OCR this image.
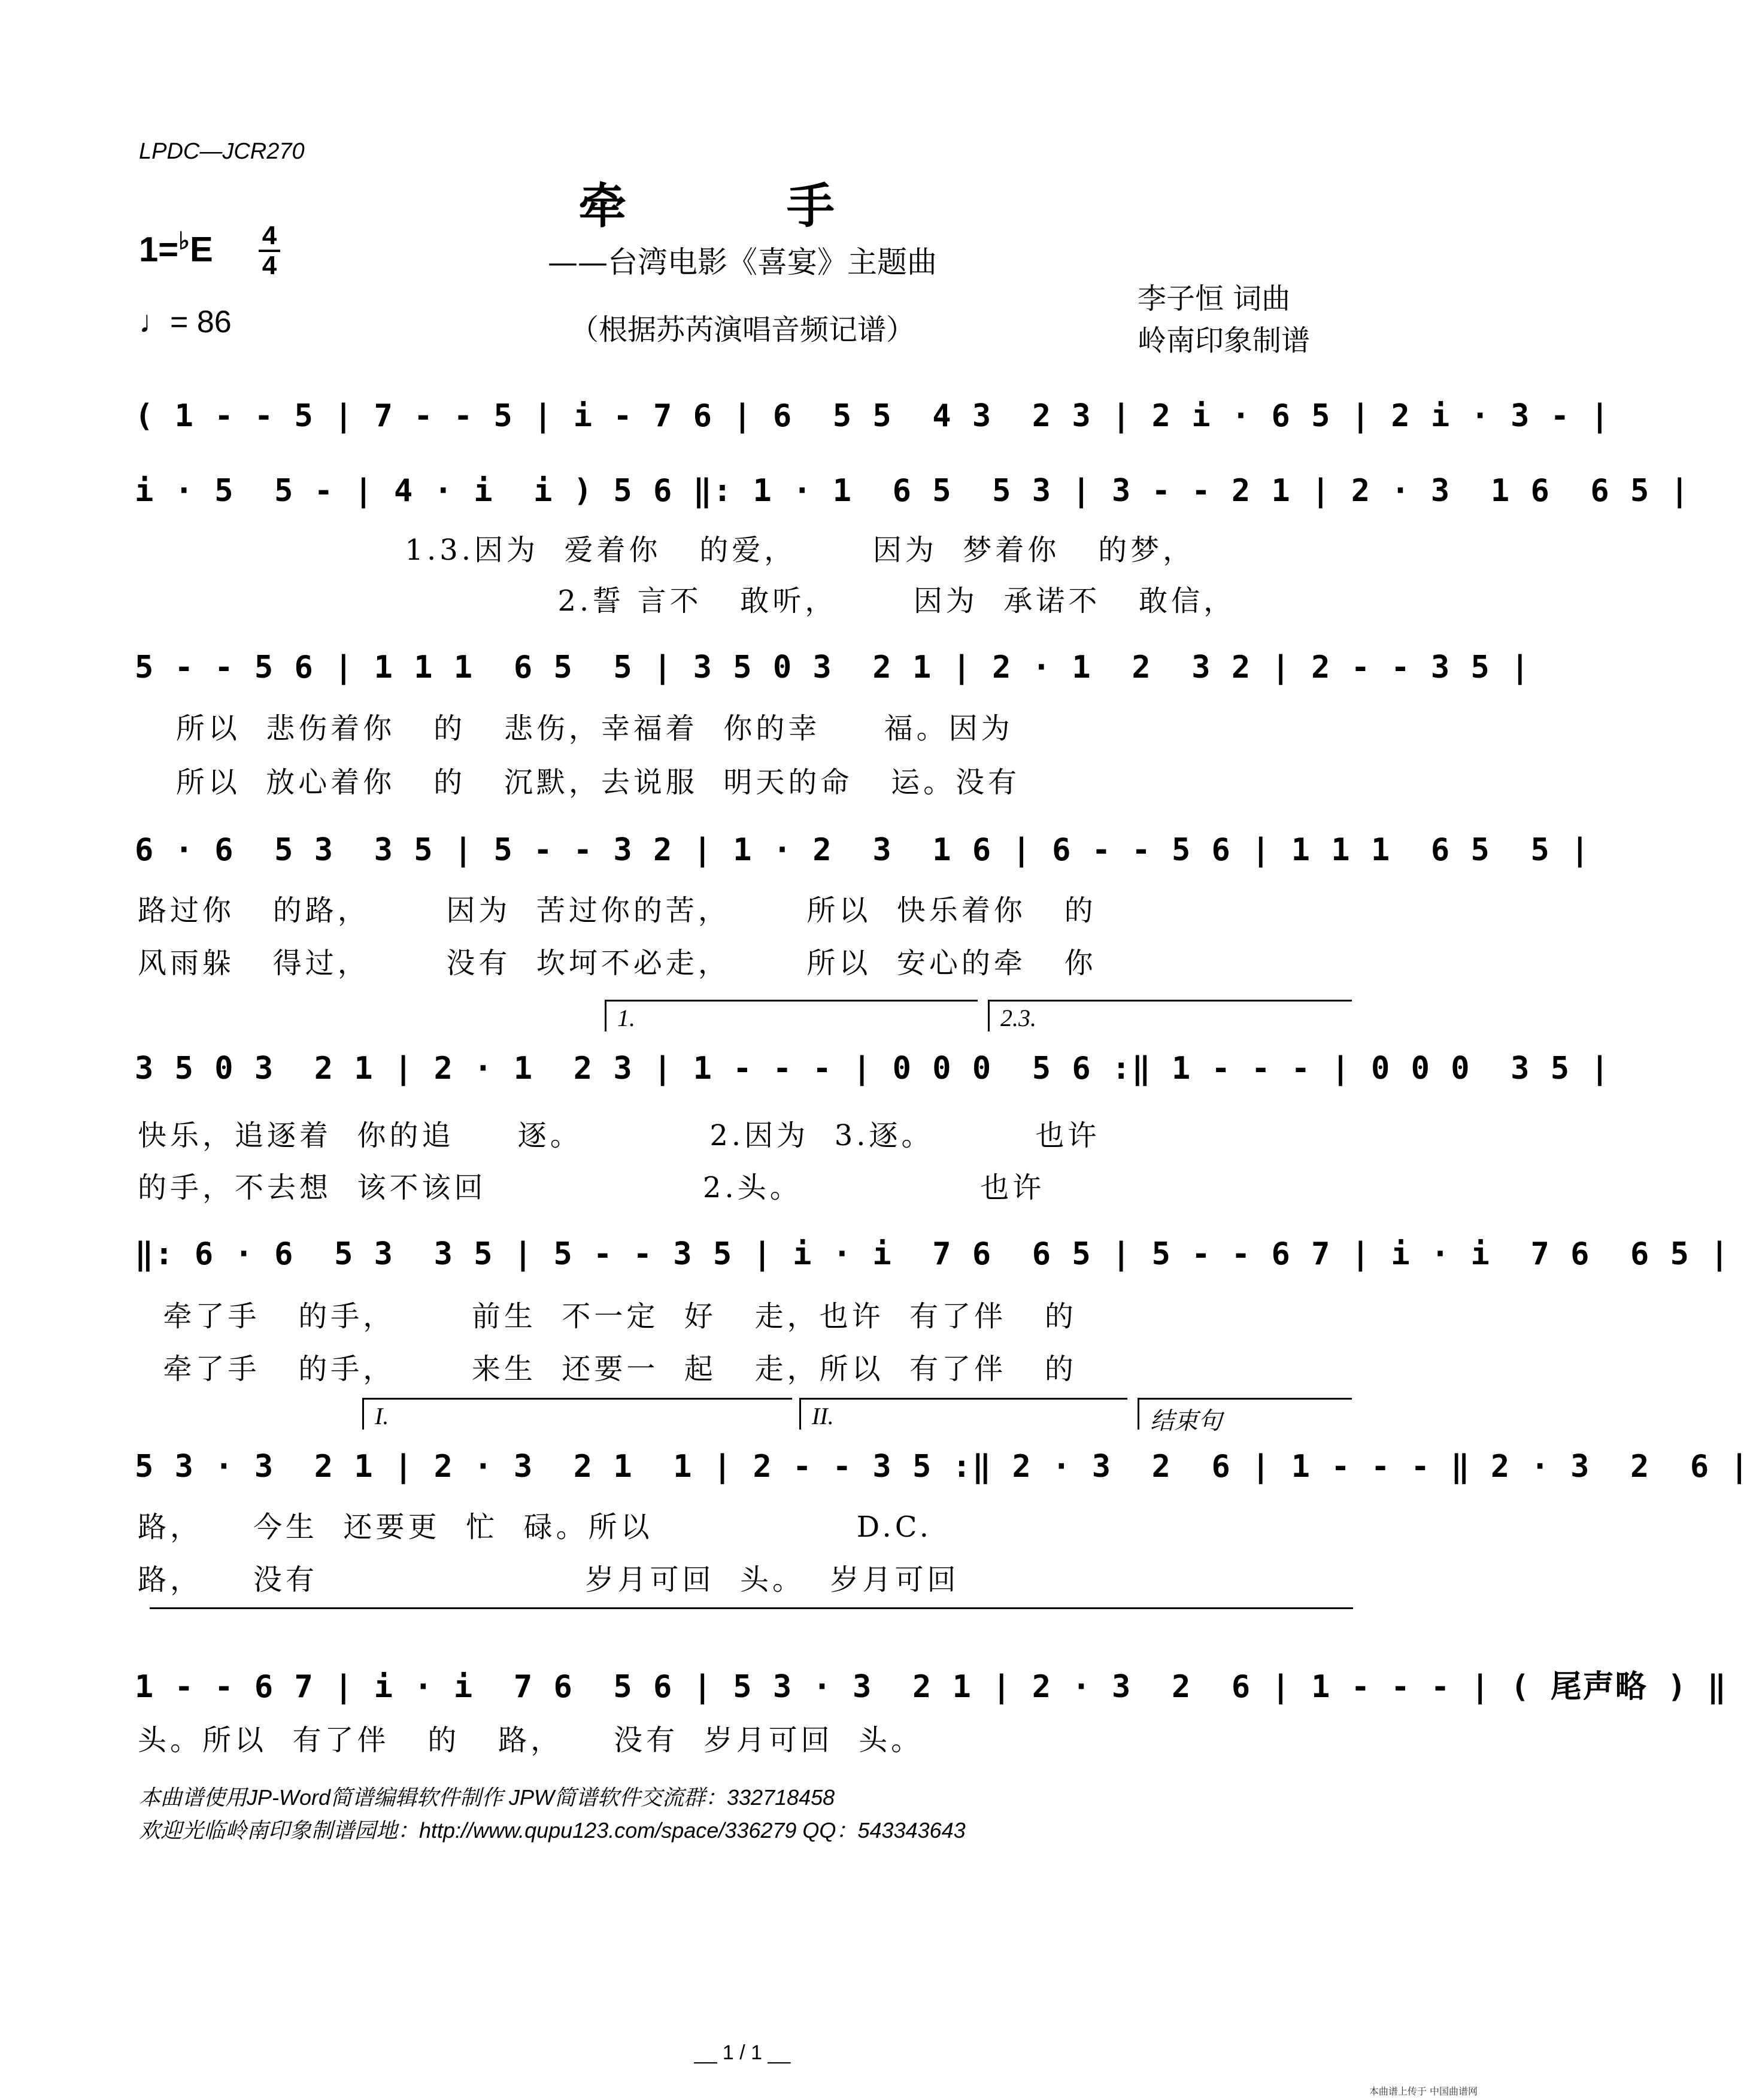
LPDC—JCR270
牵 手
——台湾电影《喜宴》主题曲
（根据苏芮演唱音频记谱）
1=♭E 4
4
♩= 86
李子恒 词曲
岭南印象制谱
( 1 - - 5 | 7 - - 5 | i - 7 6 | 6  5 5  4 3  2 3 | 2 i · 6 5 | 2 i · 3 - |
i · 5  5 - | 4 · i  i ) 5 6 ‖: 1 · 1  6 5  5 3 | 3 - - 2 1 | 2 · 3  1 6  6 5 |
1.3.因为  爱着你   的爱，      因为  梦着你   的梦，
2.誓 言不   敢听，      因为  承诺不   敢信，
5 - - 5 6 | 1 1 1  6 5  5 | 3 5 0 3  2 1 | 2 · 1  2  3 2 | 2 - - 3 5 |
所以  悲伤着你   的   悲伤，幸福着  你的幸     福。因为
所以  放心着你   的   沉默，去说服  明天的命   运。没有
6 · 6  5 3  3 5 | 5 - - 3 2 | 1 · 2  3  1 6 | 6 - - 5 6 | 1 1 1  6 5  5 |
路过你   的路，      因为  苦过你的苦，      所以  快乐着你   的
风雨躲   得过，      没有  坎坷不必走，      所以  安心的牵   你
1.	2.3.
3 5 0 3  2 1 | 2 · 1  2 3 | 1 - - - | 0 0 0  5 6 :‖ 1 - - - | 0 0 0  3 5 |
快乐，追逐着  你的追     逐。          2.因为  3.逐。        也许
的手，不去想  该不该回                 2.头。              也许
‖: 6 · 6  5 3  3 5 | 5 - - 3 5 | i · i  7 6  6 5 | 5 - - 6 7 | i · i  7 6  6 5 |
牵了手   的手，      前生  不一定  好   走，也许  有了伴   的
牵了手   的手，      来生  还要一  起   走，所以  有了伴   的
I.	II.	结束句
5 3 · 3  2 1 | 2 · 3  2 1  1 | 2 - - 3 5 :‖ 2 · 3  2  6 | 1 - - - ‖ 2 · 3  2  6 |
路，    今生  还要更  忙  碌。所以                D.C.
路，    没有                     岁月可回  头。  岁月可回
1 - - 6 7 | i · i  7 6  5 6 | 5 3 · 3  2 1 | 2 · 3  2  6 | 1 - - - | ( 尾声略 ) ‖
头。所以  有了伴   的   路，    没有  岁月可回  头。
本曲谱使用JP-Word简谱编辑软件制作 JPW简谱软件交流群：332718458
欢迎光临岭南印象制谱园地：http://www.qupu123.com/space/336279 QQ：543343643
__ 1 / 1 __
本曲谱上传于 中国曲谱网
